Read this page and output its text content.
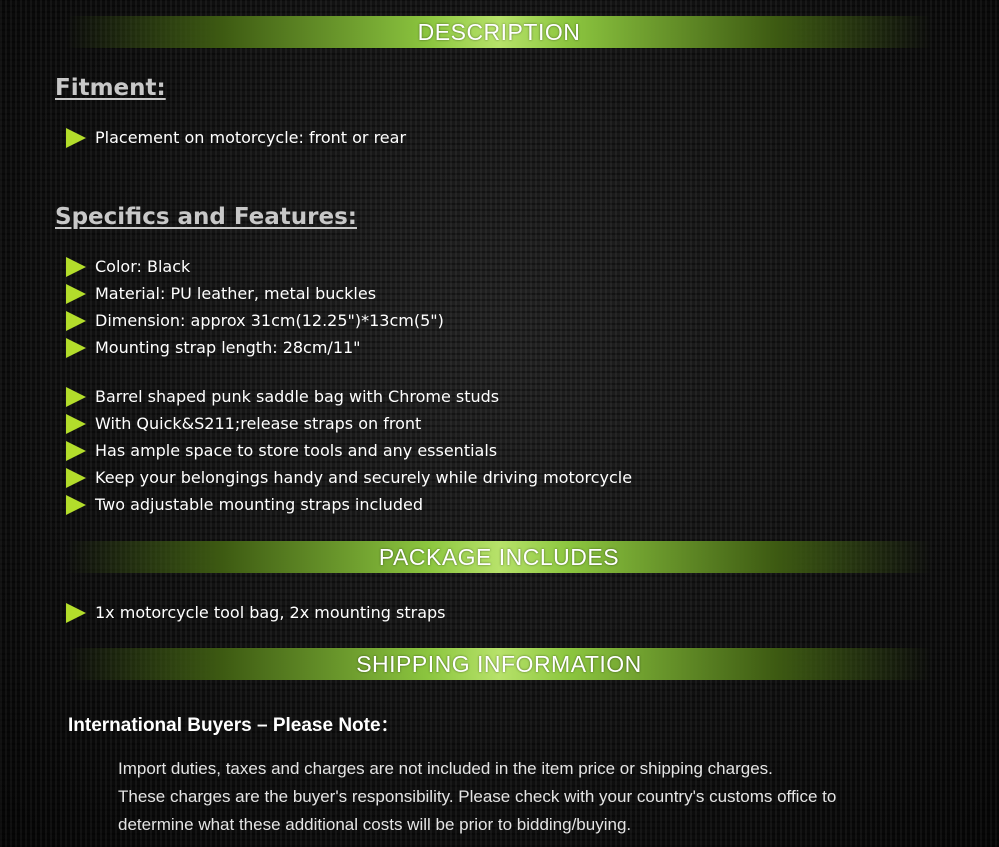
DESCRIPTION
Fitment:
Placement on motorcycle: front or rear
Specifics and Features:
Color: Black
Material: PU leather, metal buckles
Dimension: approx 31cm(12.25")*13cm(5")
Mounting strap length: 28cm/11"
Barrel shaped punk saddle bag with Chrome studs
With Quick&S211;release straps on front
Has ample space to store tools and any essentials
Keep your belongings handy and securely while driving motorcycle
Two adjustable mounting straps included
PACKAGE INCLUDES
1x motorcycle tool bag, 2x mounting straps
SHIPPING INFORMATION
International Buyers – Please Note：

Import duties, taxes and charges are not included in the item price or shipping charges.

These charges are the buyer's responsibility. Please check with your country's customs office to

determine what these additional costs will be prior to bidding/buying.
